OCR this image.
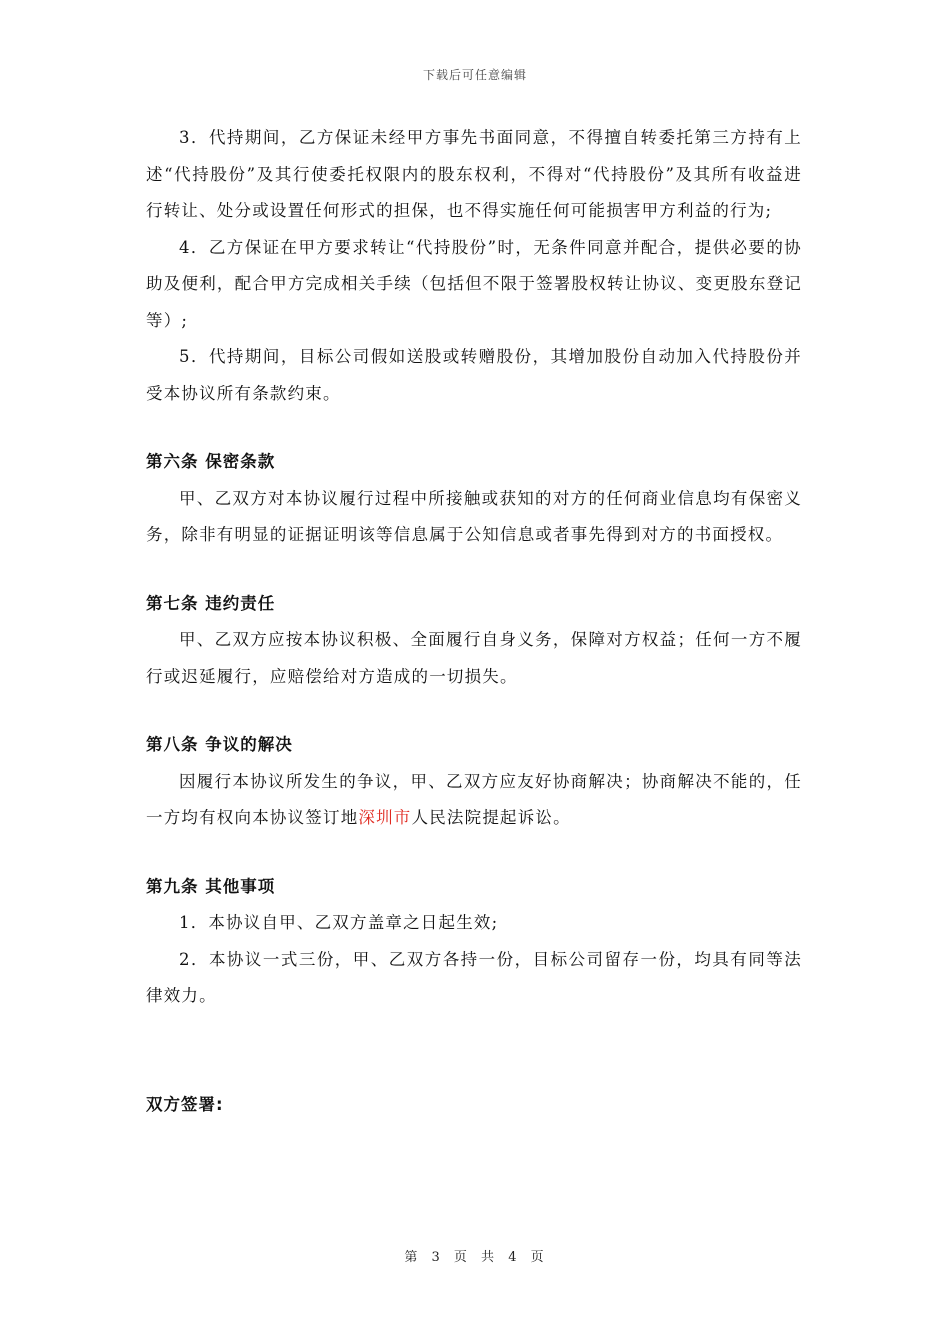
下载后可任意编辑

3．代持期间，乙方保证未经甲方事先书面同意，不得擅自转委托第三方持有上述“代持股份”及其行使委托权限内的股东权利，不得对“代持股份”及其所有收益进行转让、处分或设置任何形式的担保，也不得实施任何可能损害甲方利益的行为;

4．乙方保证在甲方要求转让“代持股份”时，无条件同意并配合，提供必要的协助及便利，配合甲方完成相关手续（包括但不限于签署股权转让协议、变更股东登记等）;

5．代持期间，目标公司假如送股或转赠股份，其增加股份自动加入代持股份并受本协议所有条款约束。

第六条 保密条款

甲、乙双方对本协议履行过程中所接触或获知的对方的任何商业信息均有保密义务，除非有明显的证据证明该等信息属于公知信息或者事先得到对方的书面授权。

第七条 违约责任

甲、乙双方应按本协议积极、全面履行自身义务，保障对方权益；任何一方不履行或迟延履行，应赔偿给对方造成的一切损失。

第八条 争议的解决

因履行本协议所发生的争议，甲、乙双方应友好协商解决；协商解决不能的，任一方均有权向本协议签订地深圳市人民法院提起诉讼。

第九条 其他事项

1．本协议自甲、乙双方盖章之日起生效;

2．本协议一式三份，甲、乙双方各持一份，目标公司留存一份，均具有同等法律效力。

双方签署:

第 3 页 共 4 页
